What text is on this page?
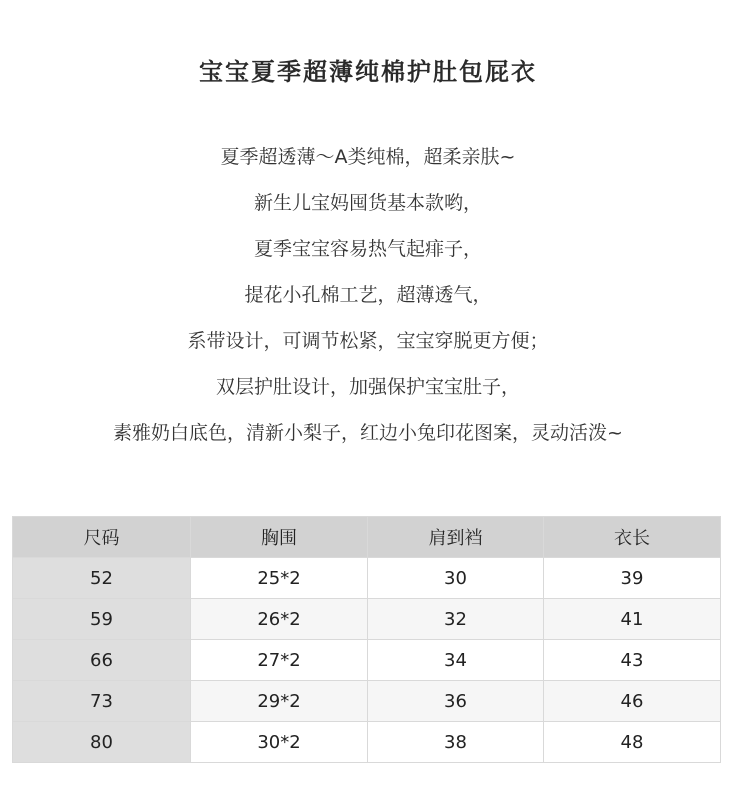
宝宝夏季超薄纯棉护肚包屁衣
夏季超透薄～A类纯棉，超柔亲肤~
新生儿宝妈囤货基本款哟，
夏季宝宝容易热气起痱子，
提花小孔棉工艺，超薄透气，
系带设计，可调节松紧，宝宝穿脱更方便；
双层护肚设计，加强保护宝宝肚子，
素雅奶白底色，清新小梨子，红边小兔印花图案，灵动活泼~
尺码	胸围	肩到裆	衣长
52	25*2	30	39
59	26*2	32	41
66	27*2	34	43
73	29*2	36	46
80	30*2	38	48
